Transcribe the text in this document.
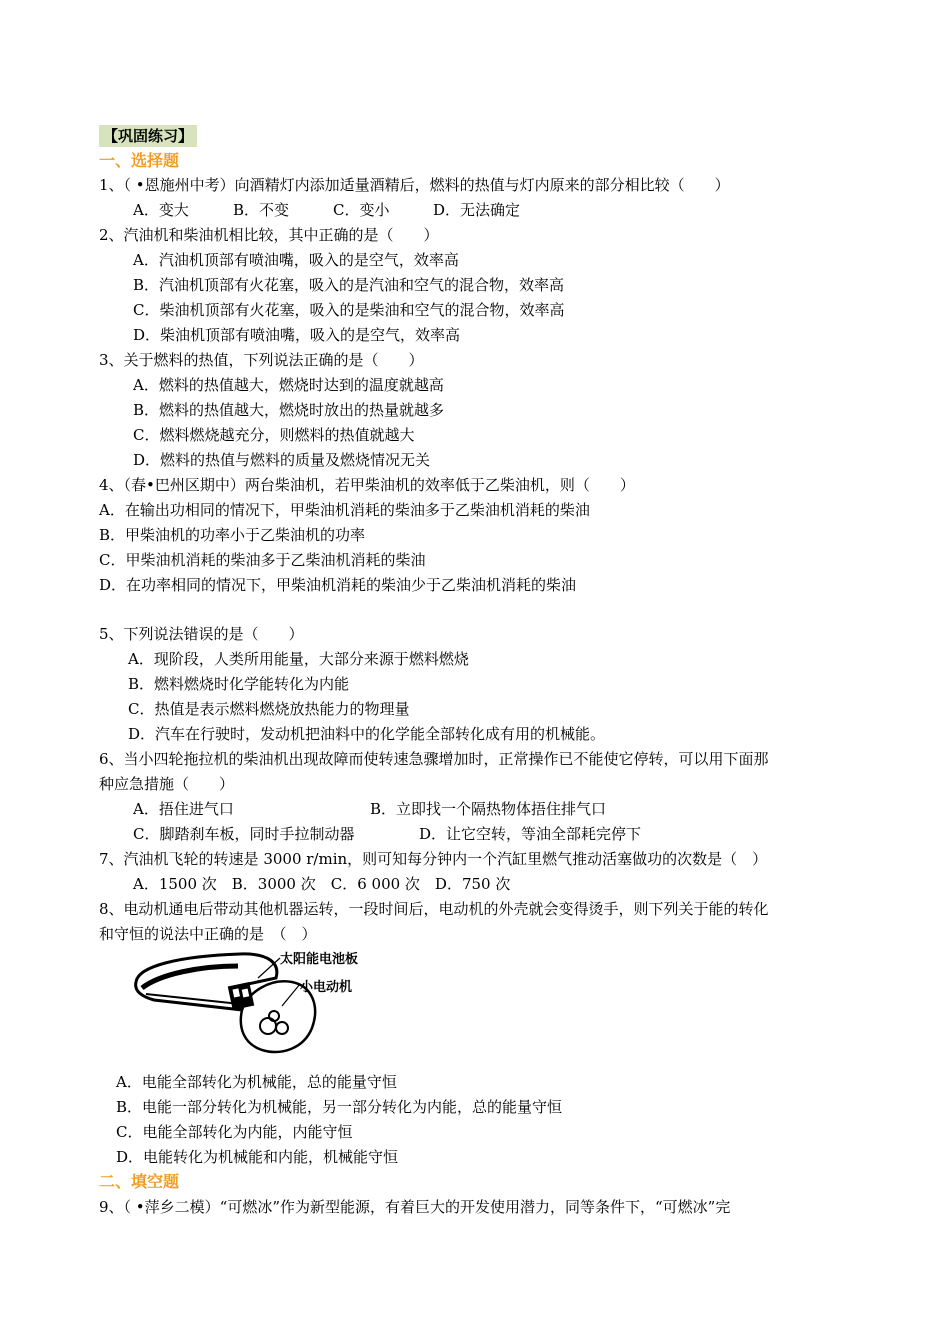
【巩固练习】
一、选择题
1、（ •恩施州中考）向酒精灯内添加适量酒精后，燃料的热值与灯内原来的部分相比较（　　）
A．变大	B．不变	C．变小	D．无法确定
2、汽油机和柴油机相比较，其中正确的是（　　）
A．汽油机顶部有喷油嘴，吸入的是空气，效率高
B．汽油机顶部有火花塞，吸入的是汽油和空气的混合物，效率高
C．柴油机顶部有火花塞，吸入的是柴油和空气的混合物，效率高
D．柴油机顶部有喷油嘴，吸入的是空气，效率高
3、关于燃料的热值，下列说法正确的是（　　）
A．燃料的热值越大，燃烧时达到的温度就越高
B．燃料的热值越大，燃烧时放出的热量就越多
C．燃料燃烧越充分，则燃料的热值就越大
D．燃料的热值与燃料的质量及燃烧情况无关
4、（春•巴州区期中）两台柴油机，若甲柴油机的效率低于乙柴油机，则（　　）
A．在输出功相同的情况下，甲柴油机消耗的柴油多于乙柴油机消耗的柴油
B．甲柴油机的功率小于乙柴油机的功率
C．甲柴油机消耗的柴油多于乙柴油机消耗的柴油
D．在功率相同的情况下，甲柴油机消耗的柴油少于乙柴油机消耗的柴油
5、下列说法错误的是（　　）
A．现阶段，人类所用能量，大部分来源于燃料燃烧
B．燃料燃烧时化学能转化为内能
C．热值是表示燃料燃烧放热能力的物理量
D．汽车在行驶时，发动机把油料中的化学能全部转化成有用的机械能。
6、当小四轮拖拉机的柴油机出现故障而使转速急骤增加时，正常操作已不能使它停转，可以用下面那
种应急措施（　　）
A．捂住进气口	B．立即找一个隔热物体捂住排气口
C．脚踏刹车板，同时手拉制动器	D．让它空转，等油全部耗完停下
7、汽油机飞轮的转速是 3000 r/min，则可知每分钟内一个汽缸里燃气推动活塞做功的次数是（　）
A．1500 次　B．3000 次　C．6 000 次　D．750 次
8、电动机通电后带动其他机器运转，一段时间后，电动机的外壳就会变得烫手，则下列关于能的转化
和守恒的说法中正确的是　（　）
太阳能电池板
小电动机
A．电能全部转化为机械能，总的能量守恒
B．电能一部分转化为机械能，另一部分转化为内能，总的能量守恒
C．电能全部转化为内能，内能守恒
D．电能转化为机械能和内能，机械能守恒
二、填空题
9、（ •萍乡二模）“可燃冰”作为新型能源，有着巨大的开发使用潜力，同等条件下，“可燃冰”完
